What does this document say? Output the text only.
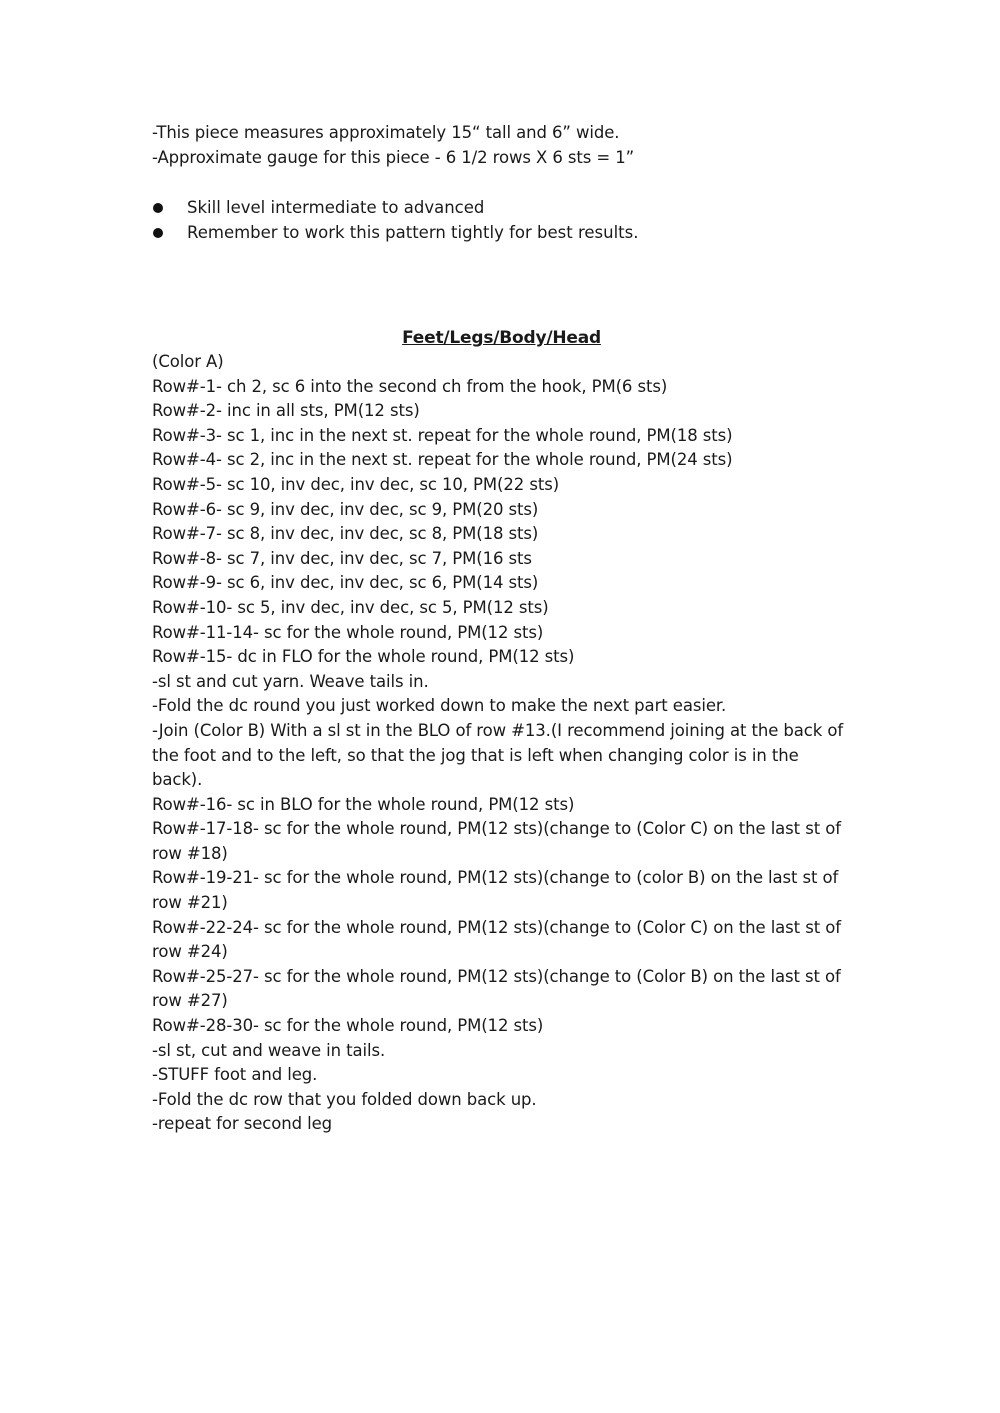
-This piece measures approximately 15“ tall and 6” wide.
-Approximate gauge for this piece - 6 1/2 rows X 6 sts = 1”
Skill level intermediate to advanced
Remember to work this pattern tightly for best results.
Feet/Legs/Body/Head
(Color A)
Row#-1- ch 2, sc 6 into the second ch from the hook, PM(6 sts)
Row#-2- inc in all sts, PM(12 sts)
Row#-3- sc 1, inc in the next st. repeat for the whole round, PM(18 sts)
Row#-4- sc 2, inc in the next st. repeat for the whole round, PM(24 sts)
Row#-5- sc 10, inv dec, inv dec, sc 10, PM(22 sts)
Row#-6- sc 9, inv dec, inv dec, sc 9, PM(20 sts)
Row#-7- sc 8, inv dec, inv dec, sc 8, PM(18 sts)
Row#-8- sc 7, inv dec, inv dec, sc 7, PM(16 sts
Row#-9- sc 6, inv dec, inv dec, sc 6, PM(14 sts)
Row#-10- sc 5, inv dec, inv dec, sc 5, PM(12 sts)
Row#-11-14- sc for the whole round, PM(12 sts)
Row#-15- dc in FLO for the whole round, PM(12 sts)
-sl st and cut yarn. Weave tails in.
-Fold the dc round you just worked down to make the next part easier.
-Join (Color B) With a sl st in the BLO of row #13.(I recommend joining at the back of
the foot and to the left, so that the jog that is left when changing color is in the back).
Row#-16- sc in BLO for the whole round, PM(12 sts)
Row#-17-18- sc for the whole round, PM(12 sts)(change to (Color C) on the last st of
row #18)
Row#-19-21- sc for the whole round, PM(12 sts)(change to (color B) on the last st of
row #21)
Row#-22-24- sc for the whole round, PM(12 sts)(change to (Color C) on the last st of
row #24)
Row#-25-27- sc for the whole round, PM(12 sts)(change to (Color B) on the last st of
row #27)
Row#-28-30- sc for the whole round, PM(12 sts)
-sl st, cut and weave in tails.
-STUFF foot and leg.
-Fold the dc row that you folded down back up.
-repeat for second leg
